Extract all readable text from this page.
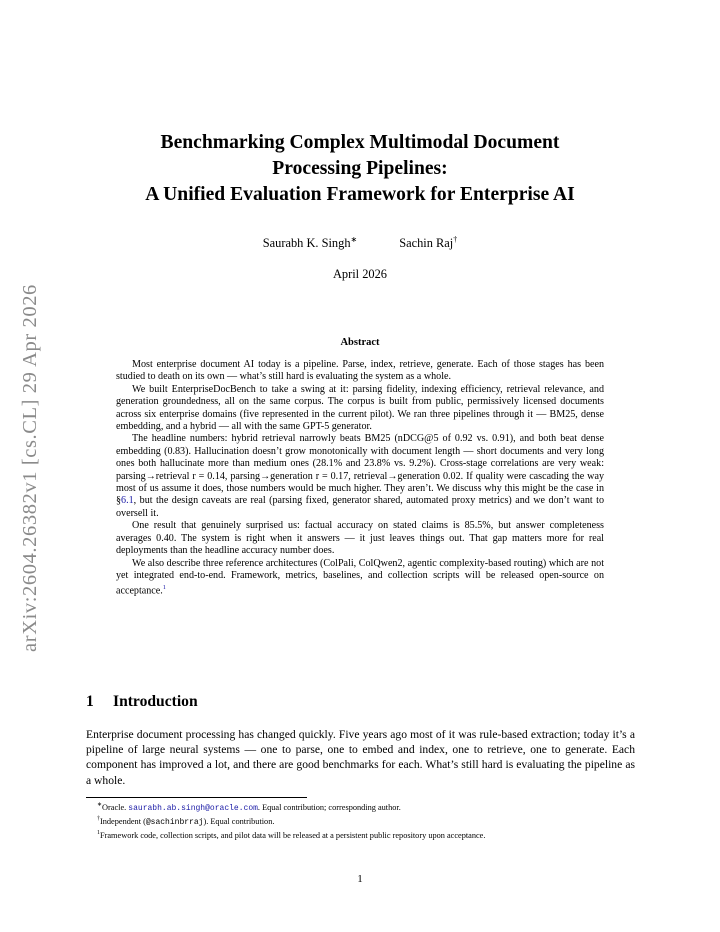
arXiv:2604.26382v1 [cs.CL] 29 Apr 2026
Benchmarking Complex Multimodal Document
Processing Pipelines:
A Unified Evaluation Framework for Enterprise AI
Saurabh K. Singh∗	Sachin Raj†
April 2026
Abstract

Most enterprise document AI today is a pipeline. Parse, index, retrieve, generate. Each of those stages has been studied to death on its own — what’s still hard is evaluating the system as a whole.

We built EnterpriseDocBench to take a swing at it: parsing fidelity, indexing efficiency, retrieval relevance, and generation groundedness, all on the same corpus. The corpus is built from public, permissively licensed documents across six enterprise domains (five represented in the current pilot). We ran three pipelines through it — BM25, dense embedding, and a hybrid — all with the same GPT-5 generator.

The headline numbers: hybrid retrieval narrowly beats BM25 (nDCG@5 of 0.92 vs. 0.91), and both beat dense embedding (0.83). Hallucination doesn’t grow monotonically with document length — short documents and very long ones both hallucinate more than medium ones (28.1% and 23.8% vs. 9.2%). Cross-stage correlations are very weak: parsing→retrieval r = 0.14, parsing→generation r = 0.17, retrieval→generation 0.02. If quality were cascading the way most of us assume it does, those numbers would be much higher. They aren’t. We discuss why this might be the case in §6.1, but the design caveats are real (parsing fixed, generator shared, automated proxy metrics) and we don’t want to oversell it.

One result that genuinely surprised us: factual accuracy on stated claims is 85.5%, but answer completeness averages 0.40. The system is right when it answers — it just leaves things out. That gap matters more for real deployments than the headline accuracy number does.

We also describe three reference architectures (ColPali, ColQwen2, agentic complexity-based routing) which are not yet integrated end-to-end. Framework, metrics, baselines, and collection scripts will be released open-source on acceptance.$^1$

1 Introduction

Enterprise document processing has changed quickly. Five years ago most of it was rule-based extraction; today it’s a pipeline of large neural systems — one to parse, one to embed and index, one to retrieve, one to generate. Each component has improved a lot, and there are good benchmarks for each. What’s still hard is evaluating the pipeline as a whole.

∗Oracle. saurabh.ab.singh@oracle.com. Equal contribution; corresponding author.
†Independent (@sachinbrraj). Equal contribution.
$^1$Framework code, collection scripts, and pilot data will be released at a persistent public repository upon acceptance.
1
